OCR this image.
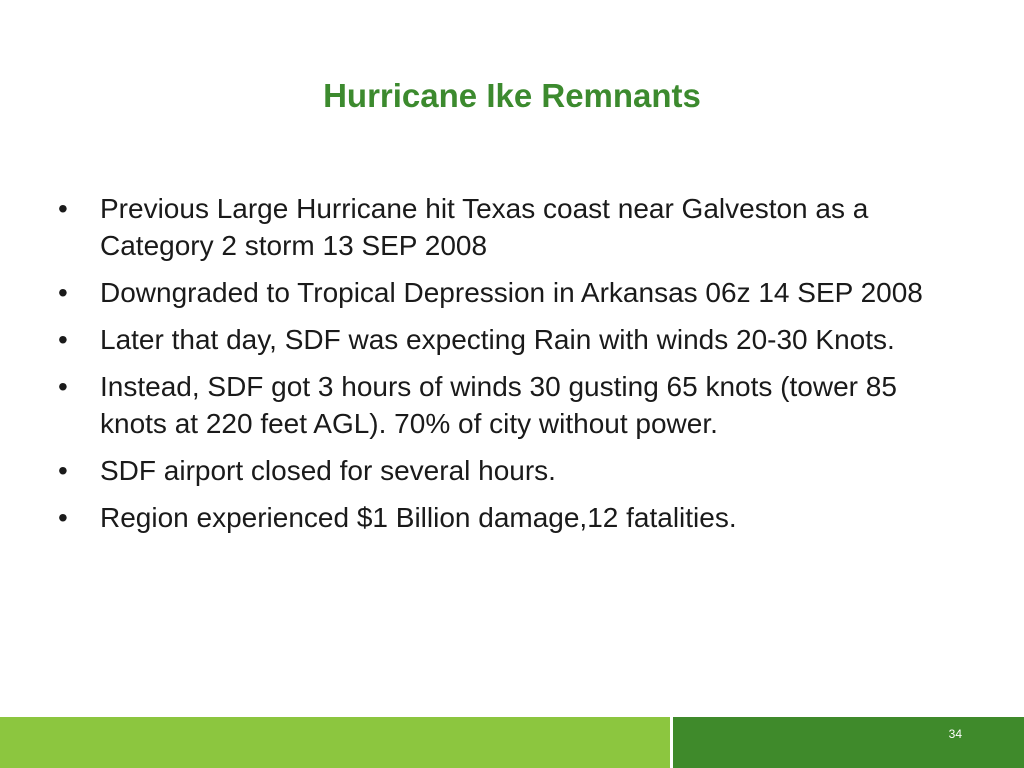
Hurricane Ike Remnants
•	Previous Large Hurricane hit Texas coast near Galveston as a Category 2 storm 13 SEP 2008
•	Downgraded to Tropical Depression in Arkansas 06z 14 SEP 2008
•	Later that day, SDF was expecting Rain with winds 20-30 Knots.
•	Instead, SDF got 3 hours of winds 30 gusting 65 knots (tower 85 knots at 220 feet AGL). 70% of city without power.
•	SDF airport closed for several hours.
•	Region experienced $1 Billion damage,12 fatalities.
34
